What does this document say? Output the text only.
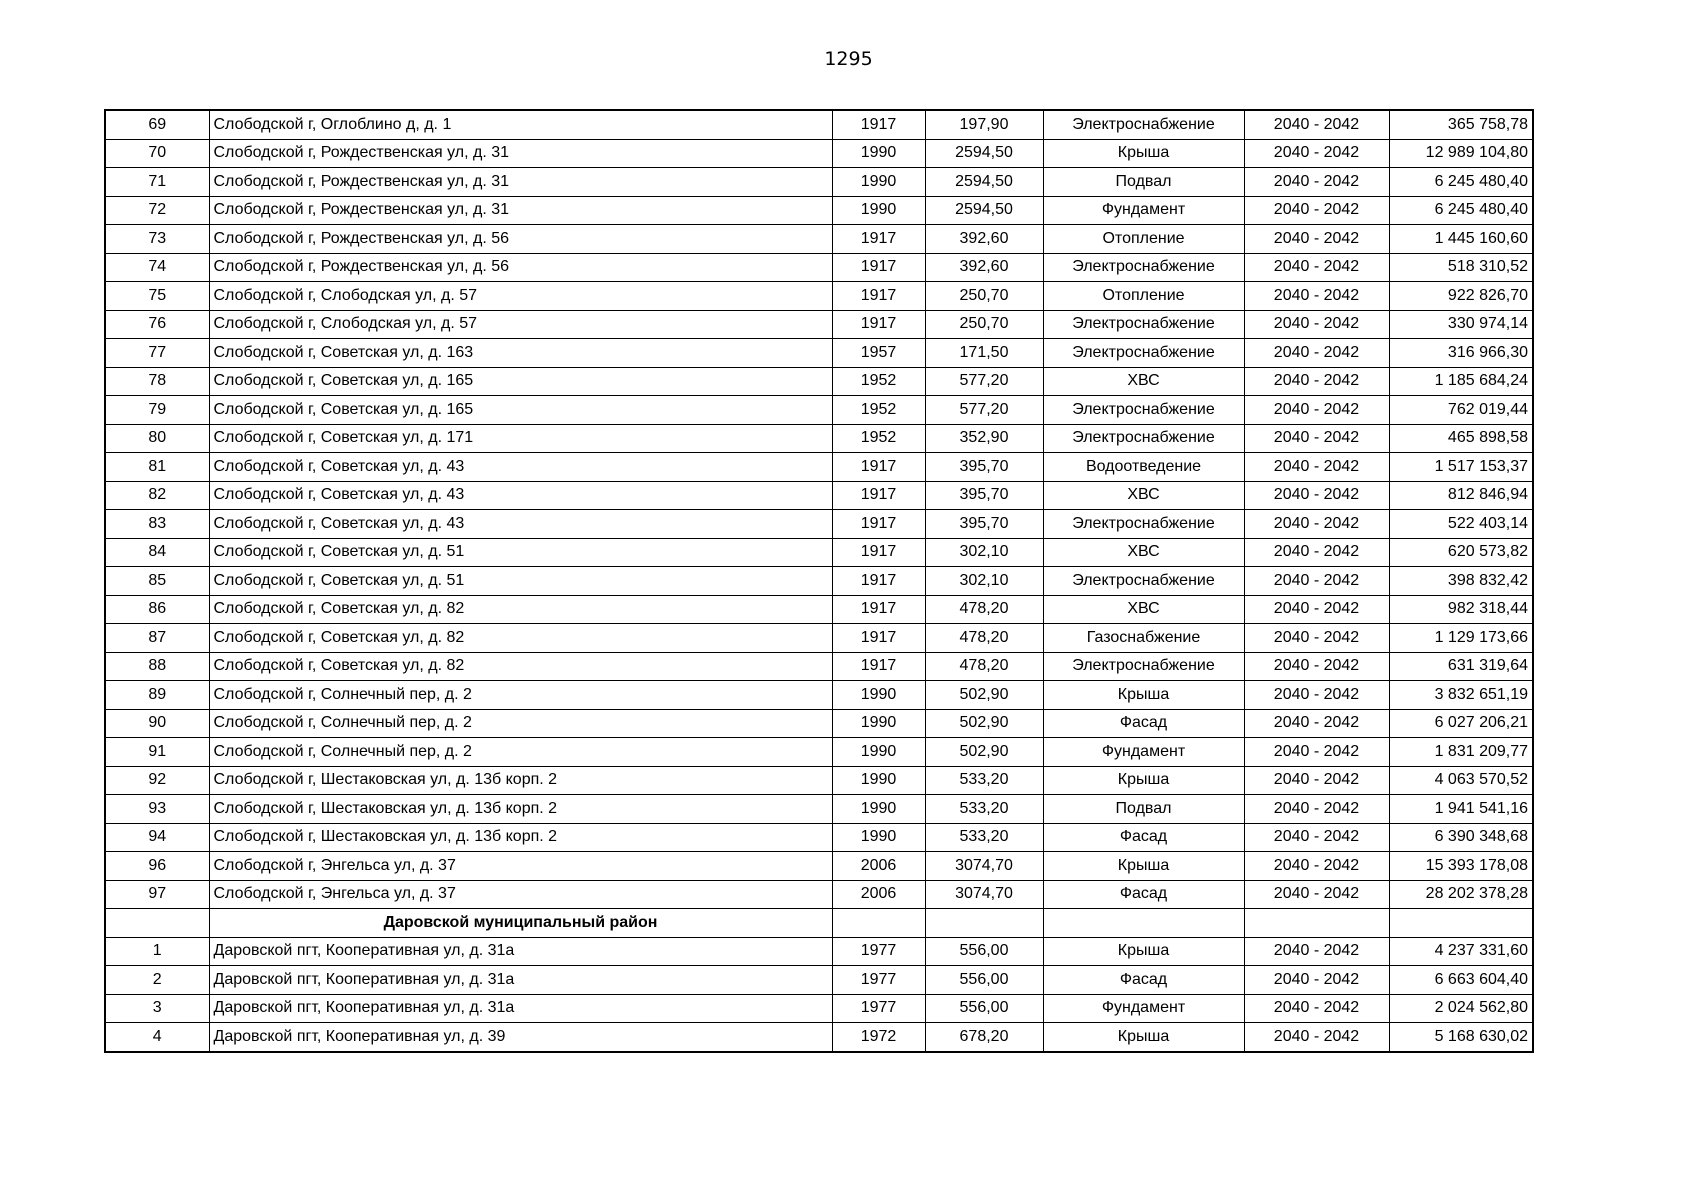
1295
69	Слободской г, Оглоблино д, д. 1	1917	197,90	Электроснабжение	2040 - 2042	365 758,78
70	Слободской г, Рождественская ул, д. 31	1990	2594,50	Крыша	2040 - 2042	12 989 104,80
71	Слободской г, Рождественская ул, д. 31	1990	2594,50	Подвал	2040 - 2042	6 245 480,40
72	Слободской г, Рождественская ул, д. 31	1990	2594,50	Фундамент	2040 - 2042	6 245 480,40
73	Слободской г, Рождественская ул, д. 56	1917	392,60	Отопление	2040 - 2042	1 445 160,60
74	Слободской г, Рождественская ул, д. 56	1917	392,60	Электроснабжение	2040 - 2042	518 310,52
75	Слободской г, Слободская ул, д. 57	1917	250,70	Отопление	2040 - 2042	922 826,70
76	Слободской г, Слободская ул, д. 57	1917	250,70	Электроснабжение	2040 - 2042	330 974,14
77	Слободской г, Советская ул, д. 163	1957	171,50	Электроснабжение	2040 - 2042	316 966,30
78	Слободской г, Советская ул, д. 165	1952	577,20	ХВС	2040 - 2042	1 185 684,24
79	Слободской г, Советская ул, д. 165	1952	577,20	Электроснабжение	2040 - 2042	762 019,44
80	Слободской г, Советская ул, д. 171	1952	352,90	Электроснабжение	2040 - 2042	465 898,58
81	Слободской г, Советская ул, д. 43	1917	395,70	Водоотведение	2040 - 2042	1 517 153,37
82	Слободской г, Советская ул, д. 43	1917	395,70	ХВС	2040 - 2042	812 846,94
83	Слободской г, Советская ул, д. 43	1917	395,70	Электроснабжение	2040 - 2042	522 403,14
84	Слободской г, Советская ул, д. 51	1917	302,10	ХВС	2040 - 2042	620 573,82
85	Слободской г, Советская ул, д. 51	1917	302,10	Электроснабжение	2040 - 2042	398 832,42
86	Слободской г, Советская ул, д. 82	1917	478,20	ХВС	2040 - 2042	982 318,44
87	Слободской г, Советская ул, д. 82	1917	478,20	Газоснабжение	2040 - 2042	1 129 173,66
88	Слободской г, Советская ул, д. 82	1917	478,20	Электроснабжение	2040 - 2042	631 319,64
89	Слободской г, Солнечный пер, д. 2	1990	502,90	Крыша	2040 - 2042	3 832 651,19
90	Слободской г, Солнечный пер, д. 2	1990	502,90	Фасад	2040 - 2042	6 027 206,21
91	Слободской г, Солнечный пер, д. 2	1990	502,90	Фундамент	2040 - 2042	1 831 209,77
92	Слободской г, Шестаковская ул, д. 13б корп. 2	1990	533,20	Крыша	2040 - 2042	4 063 570,52
93	Слободской г, Шестаковская ул, д. 13б корп. 2	1990	533,20	Подвал	2040 - 2042	1 941 541,16
94	Слободской г, Шестаковская ул, д. 13б корп. 2	1990	533,20	Фасад	2040 - 2042	6 390 348,68
96	Слободской г, Энгельса ул, д. 37	2006	3074,70	Крыша	2040 - 2042	15 393 178,08
97	Слободской г, Энгельса ул, д. 37	2006	3074,70	Фасад	2040 - 2042	28 202 378,28
	Даровской муниципальный район					
1	Даровской пгт, Кооперативная ул, д. 31а	1977	556,00	Крыша	2040 - 2042	4 237 331,60
2	Даровской пгт, Кооперативная ул, д. 31а	1977	556,00	Фасад	2040 - 2042	6 663 604,40
3	Даровской пгт, Кооперативная ул, д. 31а	1977	556,00	Фундамент	2040 - 2042	2 024 562,80
4	Даровской пгт, Кооперативная ул, д. 39	1972	678,20	Крыша	2040 - 2042	5 168 630,02
